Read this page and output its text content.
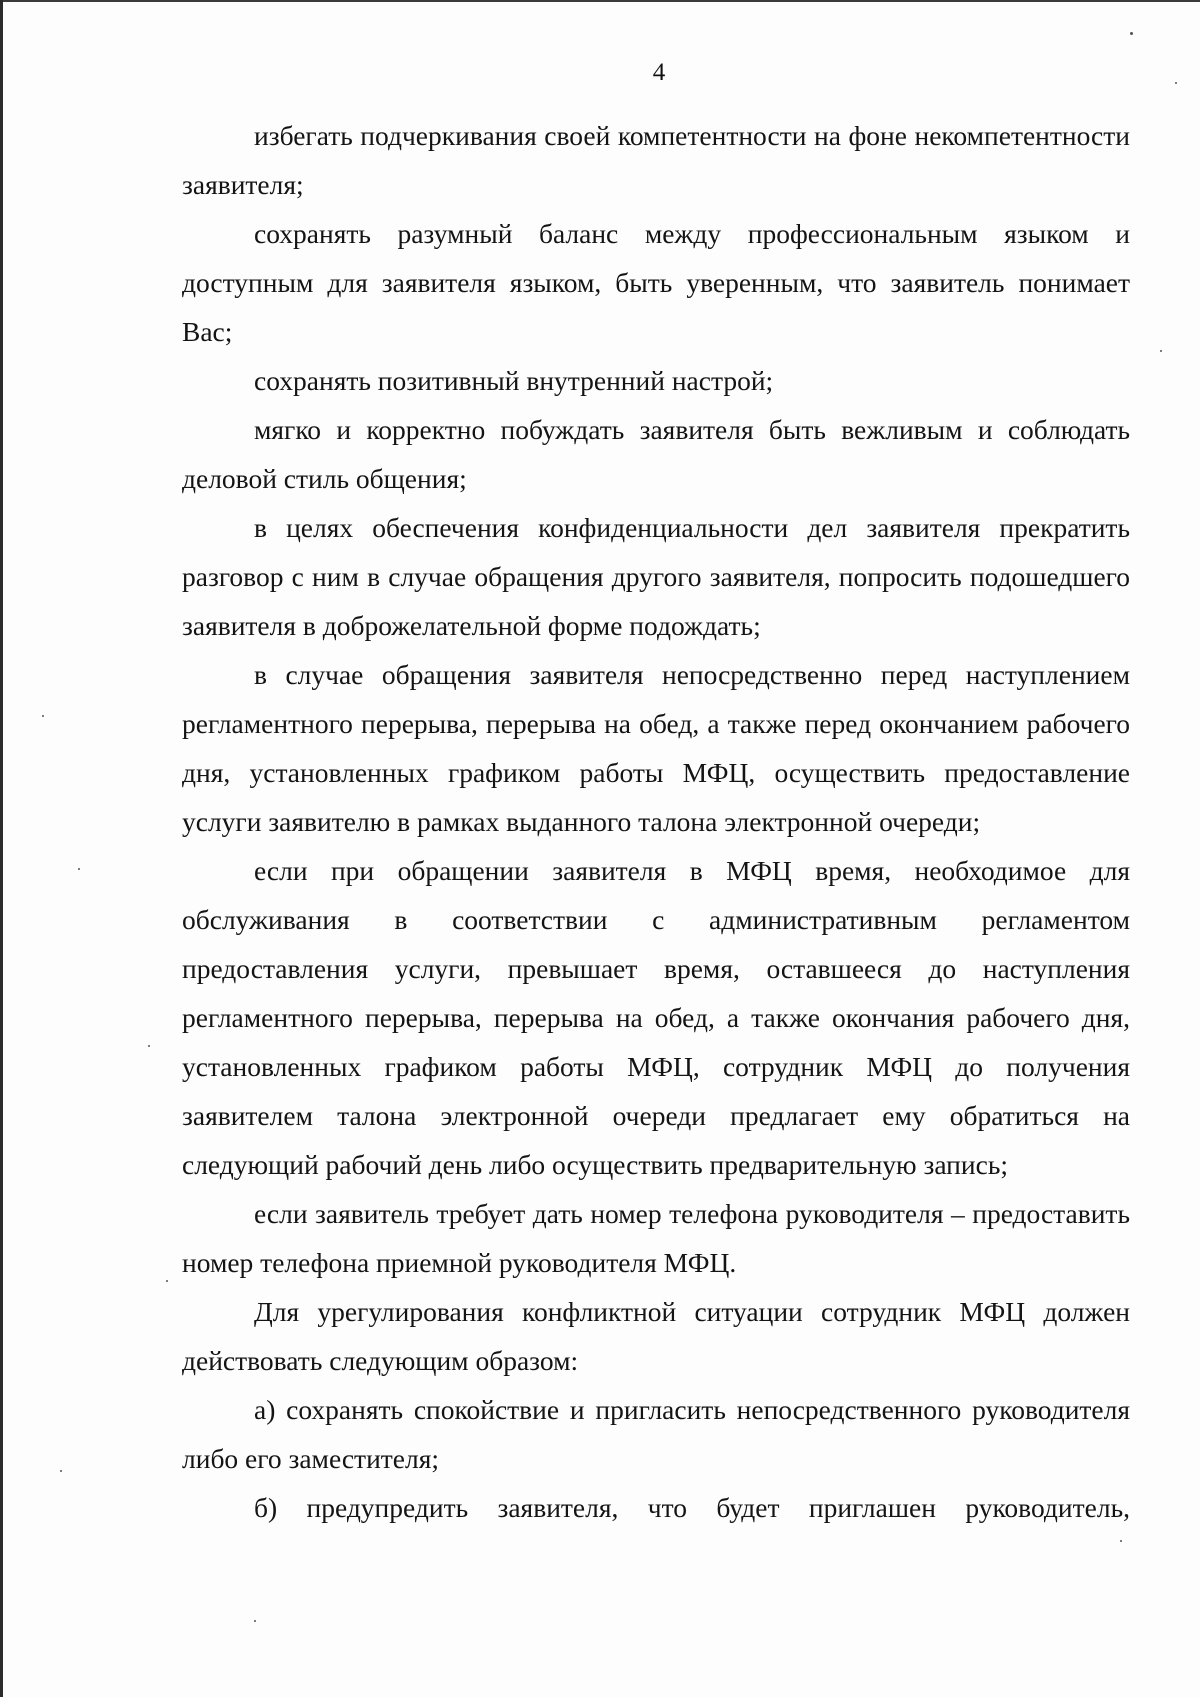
4

избегать подчеркивания своей компетентности на фоне некомпетентности заявителя;

сохранять разумный баланс между профессиональным языком и доступным для заявителя языком, быть уверенным, что заявитель понимает Вас;

сохранять позитивный внутренний настрой;

мягко и корректно побуждать заявителя быть вежливым и соблюдать деловой стиль общения;

в целях обеспечения конфиденциальности дел заявителя прекратить разговор с ним в случае обращения другого заявителя, попросить подошедшего заявителя в доброжелательной форме подождать;

в случае обращения заявителя непосредственно перед наступлением регламентного перерыва, перерыва на обед, а также перед окончанием рабочего дня, установленных графиком работы МФЦ, осуществить предоставление услуги заявителю в рамках выданного талона электронной очереди;

если при обращении заявителя в МФЦ время, необходимое для обслуживания в соответствии с административным регламентом предоставления услуги, превышает время, оставшееся до наступления регламентного перерыва, перерыва на обед, а также окончания рабочего дня, установленных графиком работы МФЦ, сотрудник МФЦ до получения заявителем талона электронной очереди предлагает ему обратиться на следующий рабочий день либо осуществить предварительную запись;

если заявитель требует дать номер телефона руководителя – предоставить номер телефона приемной руководителя МФЦ.

Для урегулирования конфликтной ситуации сотрудник МФЦ должен действовать следующим образом:

а) сохранять спокойствие и пригласить непосредственного руководителя либо его заместителя;

б) предупредить заявителя, что будет приглашен руководитель,
